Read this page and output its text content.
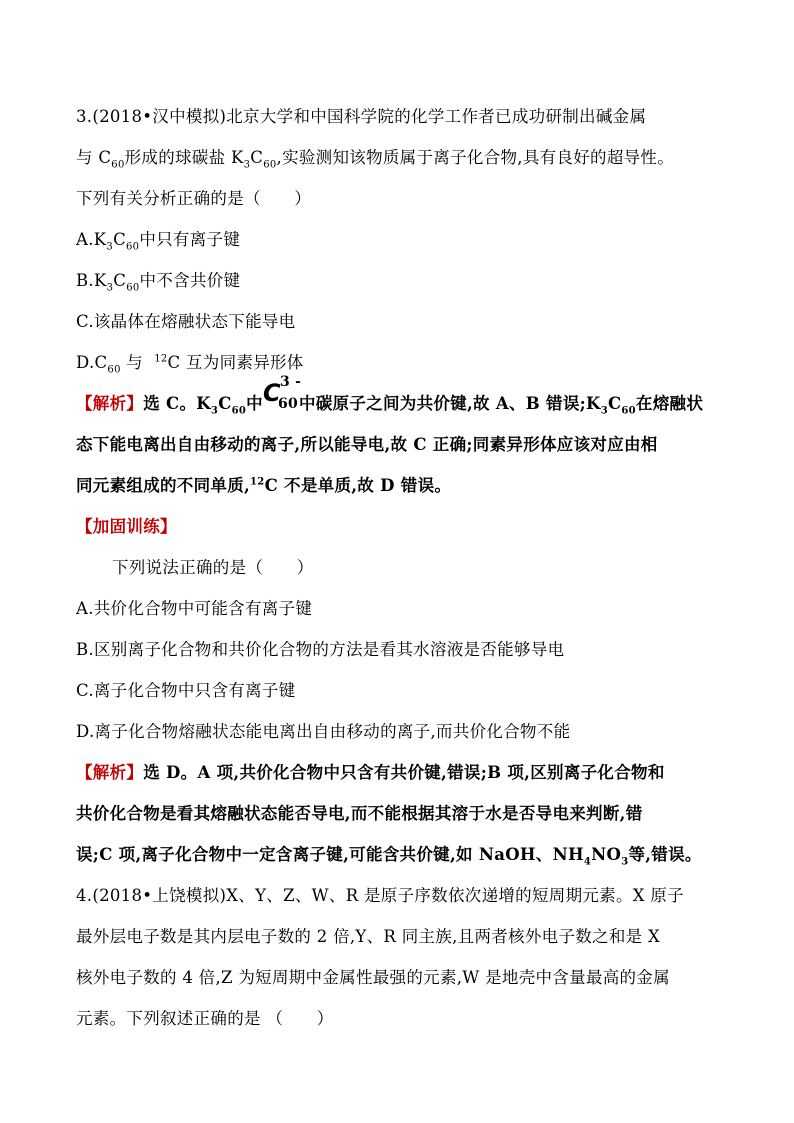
3.(2018•汉中模拟)北京大学和中国科学院的化学工作者已成功研制出碱金属
与 $C_{60}$形成的球碳盐 $K_3C_{60}$,实验测知该物质属于离子化合物,具有良好的超导性。
下列有关分析正确的是（　　）
$A.K_3C_{60}$中只有离子键
$B.K_3C_{60}$中不含共价键
C.该晶体在熔融状态下能导电
$D.C_{60}$ 与 $^{12}$C 互为同素异形体
【解析】选 C。$K_3C_{60}$中 C 3 -
60 中碳原子之间为共价键,故 A、B 错误$;K_3C_{60}$在熔融状
态下能电离出自由移动的离子,所以能导电,故 C 正确;同素异形体应该对应由相
同元素组成的不同单质,$^{12}$C 不是单质,故 D 错误。
【加固训练】
下列说法正确的是（　　）
A.共价化合物中可能含有离子键
B.区别离子化合物和共价化合物的方法是看其水溶液是否能够导电
C.离子化合物中只含有离子键
D.离子化合物熔融状态能电离出自由移动的离子,而共价化合物不能
【解析】选 D。A 项,共价化合物中只含有共价键,错误;B 项,区别离子化合物和
共价化合物是看其熔融状态能否导电,而不能根据其溶于水是否导电来判断,错
误;C 项,离子化合物中一定含离子键,可能含共价键,如 NaOH、$NH_4NO_3$等,错误。
4.(2018•上饶模拟)X、Y、Z、W、R 是原子序数依次递增的短周期元素。X 原子
最外层电子数是其内层电子数的 2 倍,Y、R 同主族,且两者核外电子数之和是 X
核外电子数的 4 倍,Z 为短周期中金属性最强的元素,W 是地壳中含量最高的金属
元素。下列叙述正确的是 （　　）
